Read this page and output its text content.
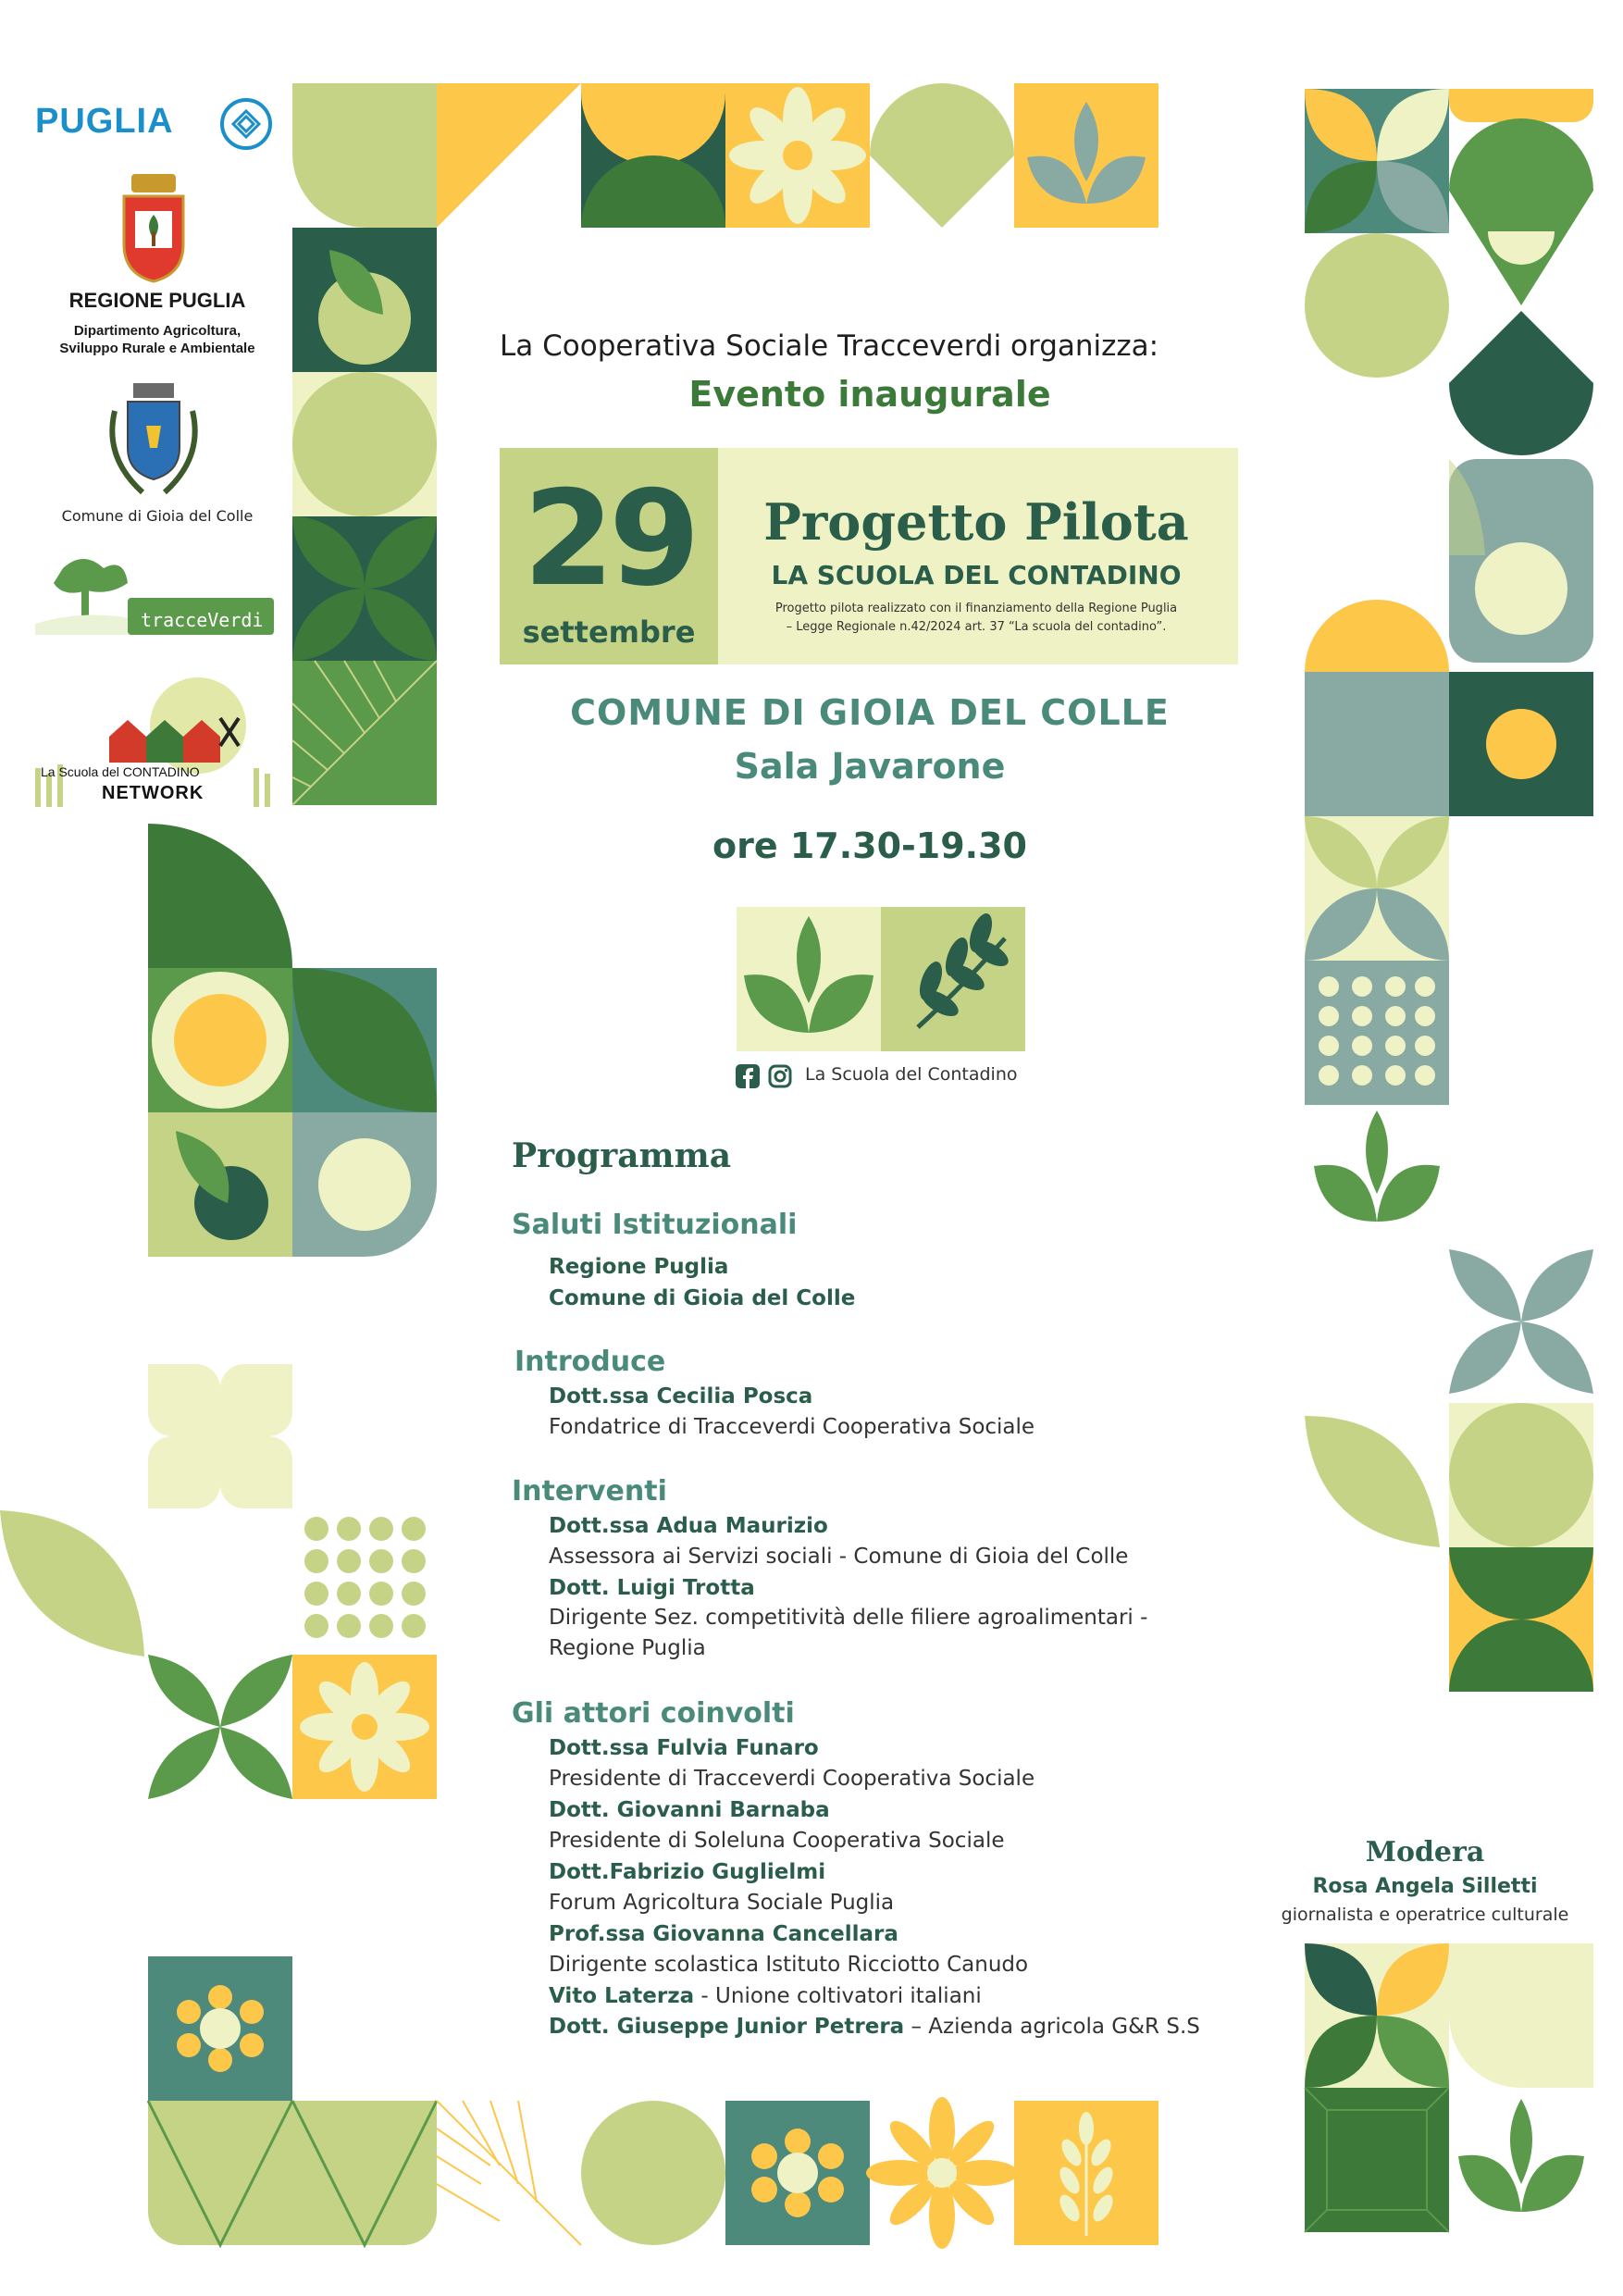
PUGLIA
REGIONE PUGLIA
Dipartimento Agricoltura,
Sviluppo Rurale e Ambientale
Comune di Gioia del Colle
tracceVerdi
La Scuola del CONTADINO
NETWORK
La Cooperativa Sociale Tracceverdi organizza:
Evento inaugurale
29
settembre
Progetto Pilota
LA SCUOLA DEL CONTADINO
Progetto pilota realizzato con il finanziamento della Regione Puglia
– Legge Regionale n.42/2024 art. 37 “La scuola del contadino”.
COMUNE DI GIOIA DEL COLLE
Sala Javarone
ore 17.30-19.30
La Scuola del Contadino
Programma
Saluti Istituzionali
Regione Puglia
Comune di Gioia del Colle
Introduce
Dott.ssa Cecilia Posca
Fondatrice di Tracceverdi Cooperativa Sociale
Interventi
Dott.ssa Adua Maurizio
Assessora ai Servizi sociali - Comune di Gioia del Colle
Dott. Luigi Trotta
Dirigente Sez. competitività delle filiere agroalimentari -
Regione Puglia
Gli attori coinvolti
Dott.ssa Fulvia Funaro
Presidente di Tracceverdi Cooperativa Sociale
Dott. Giovanni Barnaba
Presidente di Soleluna Cooperativa Sociale
Dott.Fabrizio Guglielmi
Forum Agricoltura Sociale Puglia
Prof.ssa Giovanna Cancellara
Dirigente scolastica Istituto Ricciotto Canudo
Vito Laterza - Unione coltivatori italiani
Dott. Giuseppe Junior Petrera – Azienda agricola G&R S.S
Modera
Rosa Angela Silletti
giornalista e operatrice culturale
